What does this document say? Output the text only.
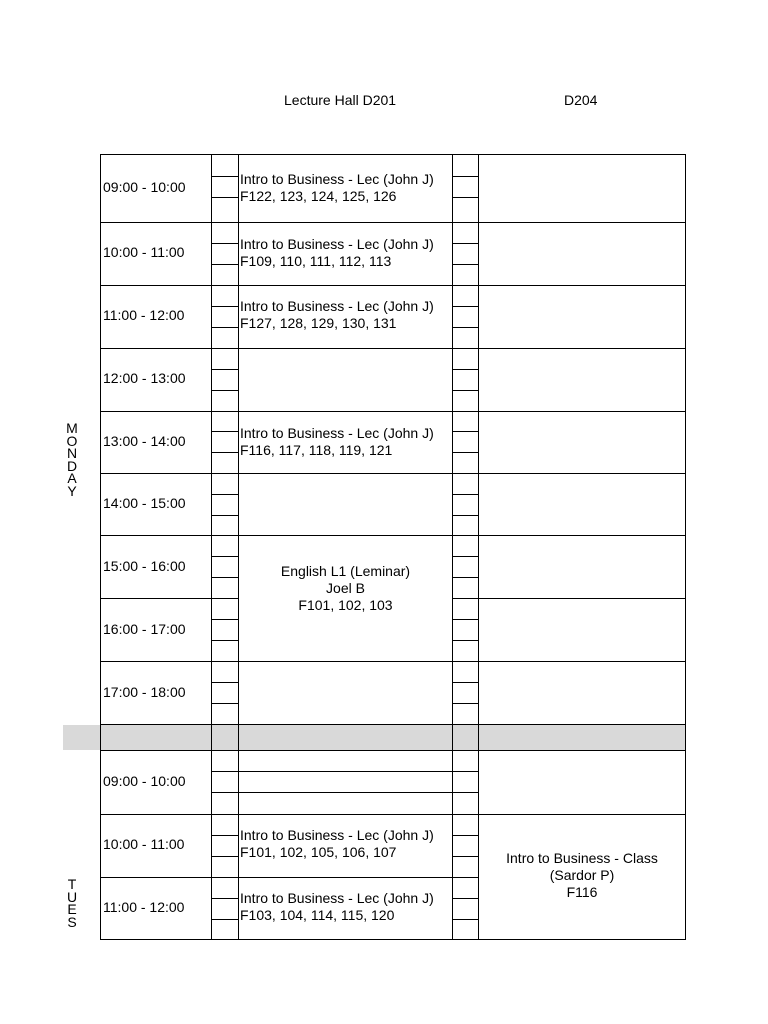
Lecture Hall D201	D204
M O N D A Y
T U E S
09:00 - 10:00
10:00 - 11:00
11:00 - 12:00
12:00 - 13:00
13:00 - 14:00
14:00 - 15:00
15:00 - 16:00
16:00 - 17:00
17:00 - 18:00
Intro to Business - Lec (John J)
F122, 123, 124, 125, 126
Intro to Business - Lec (John J)
F109, 110, 111, 112, 113
Intro to Business - Lec (John J)
F127, 128, 129, 130, 131
Intro to Business - Lec (John J)
F116, 117, 118, 119, 121
English L1 (Leminar)
Joel B
F101, 102, 103
09:00 - 10:00
10:00 - 11:00
11:00 - 12:00
Intro to Business - Lec (John J)
F101, 102, 105, 106, 107
Intro to Business - Lec (John J)
F103, 104, 114, 115, 120
Intro to Business - Class
(Sardor P)
F116
